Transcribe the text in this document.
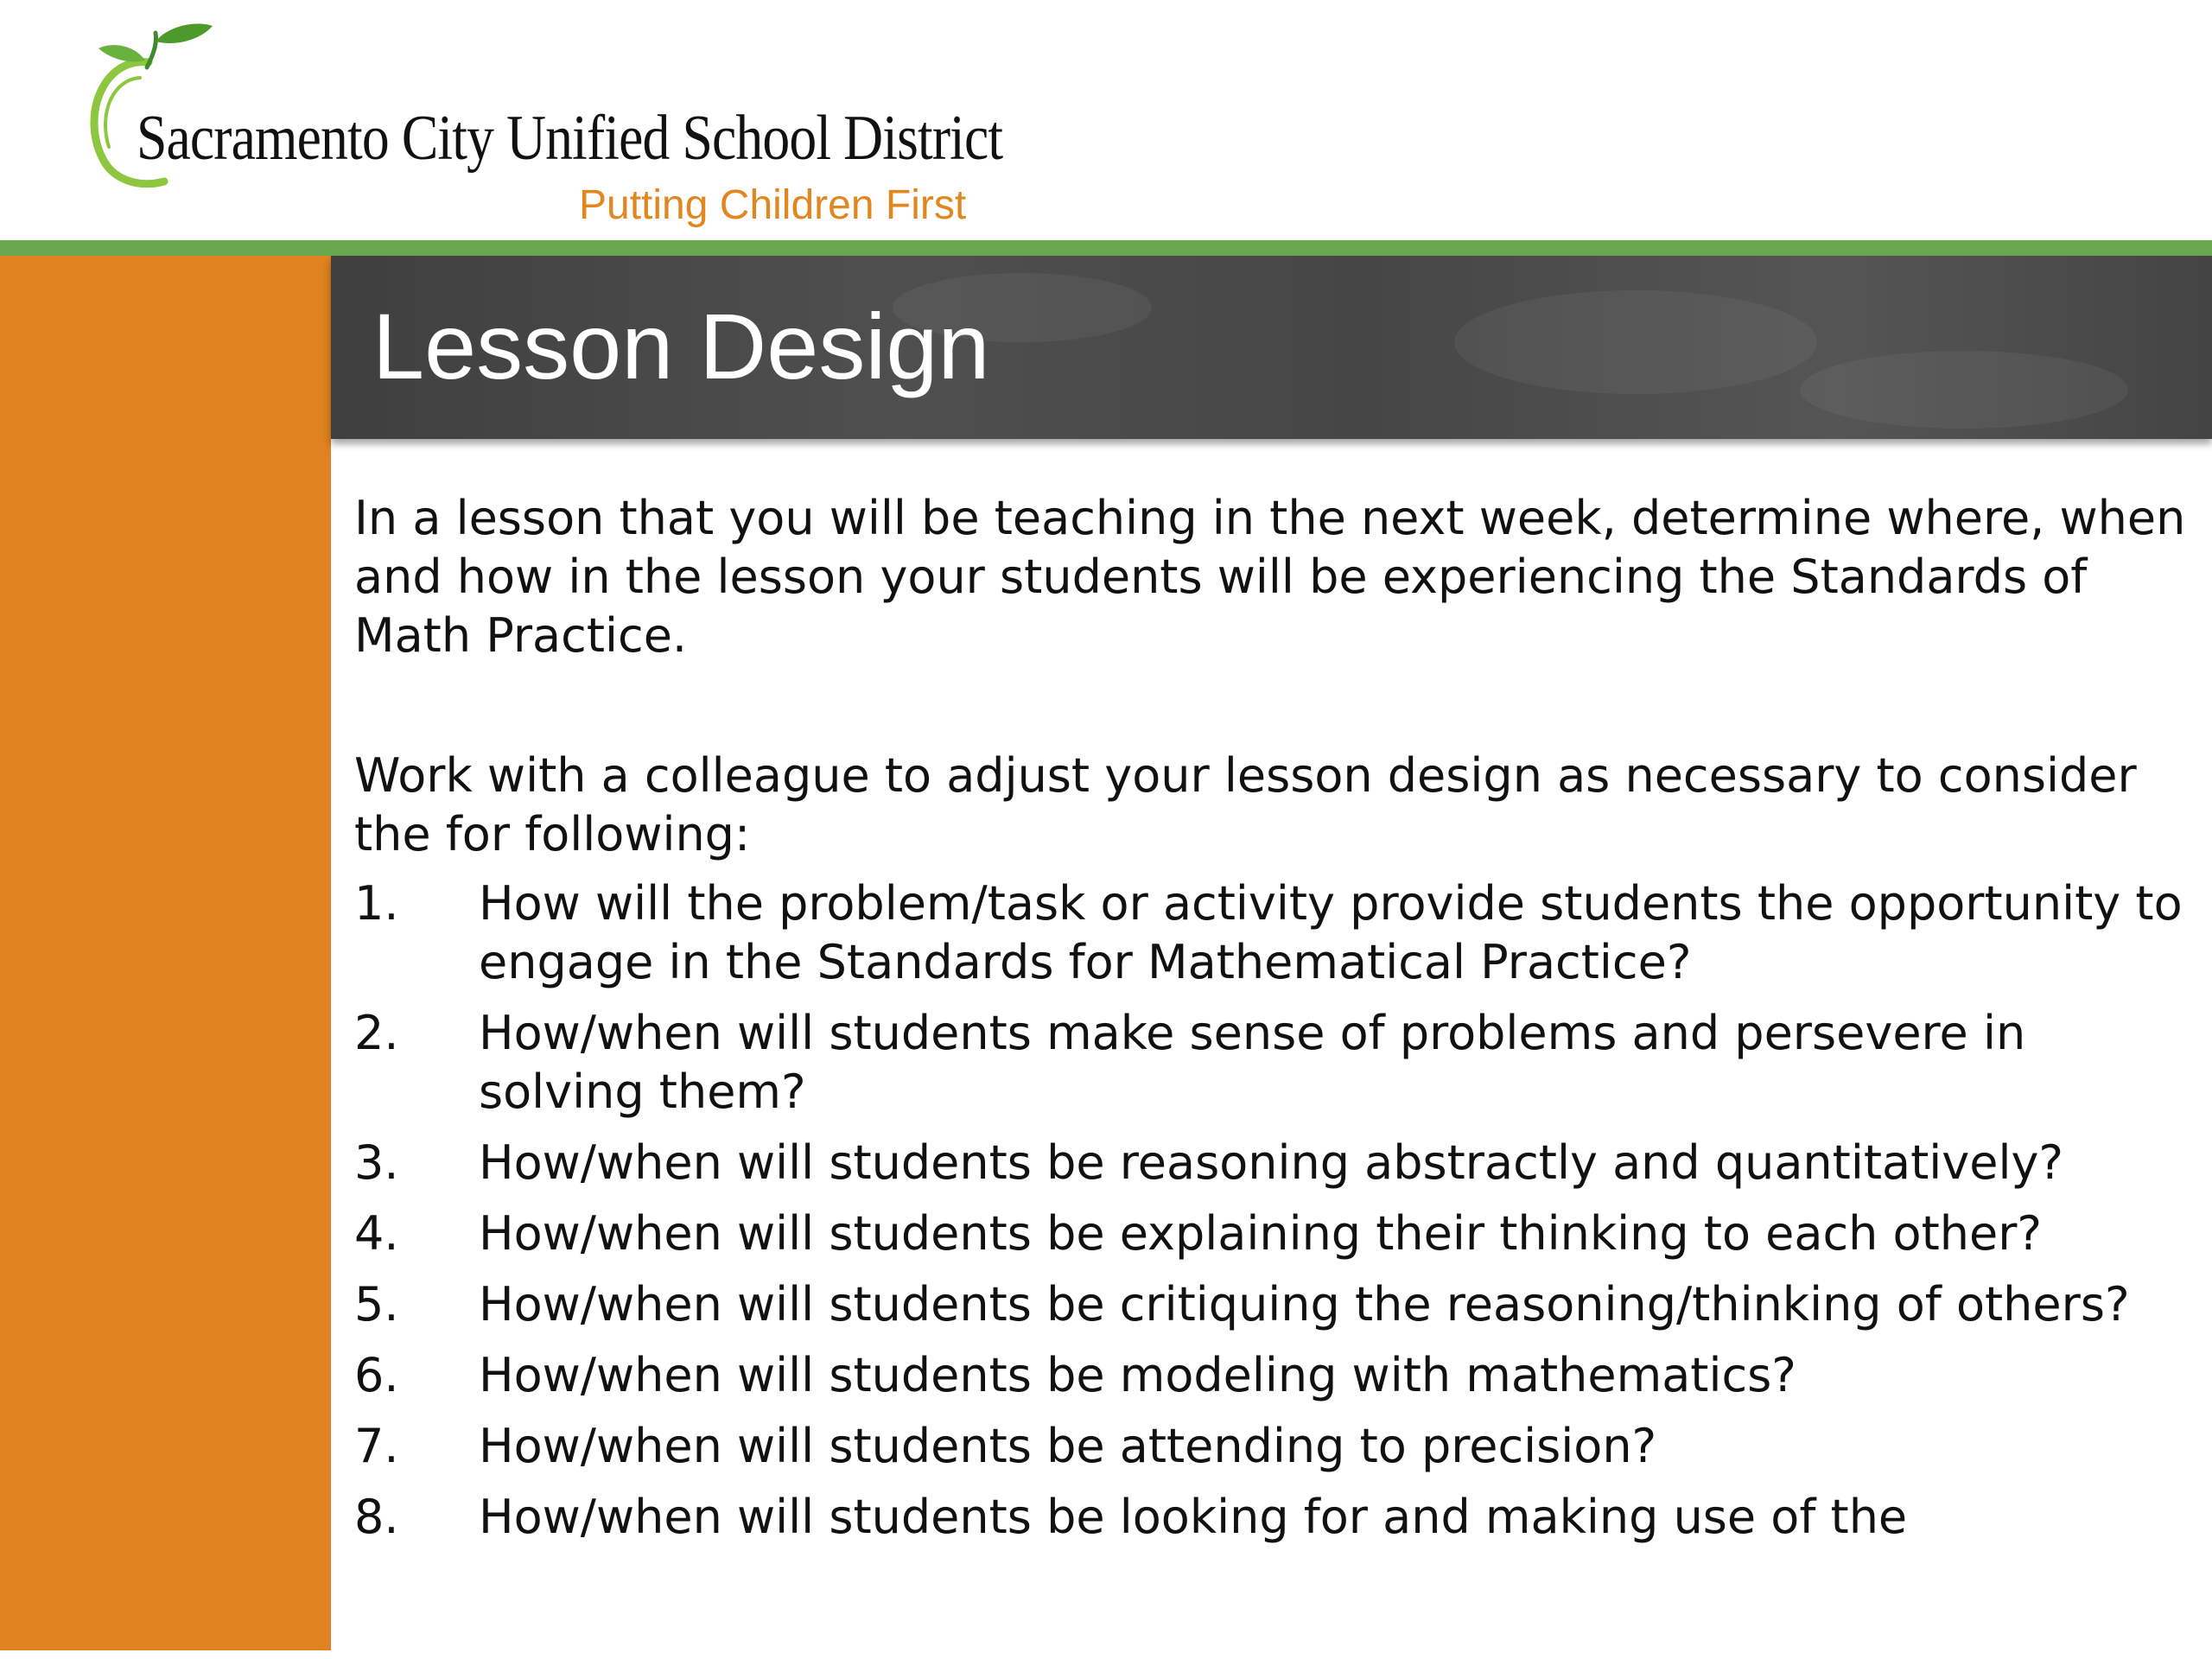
Sacramento City Unified School District
Putting Children First
Lesson Design

In a lesson that you will be teaching in the next week, determine where, when and how in the lesson your students will be experiencing the Standards of Math Practice.

Work with a colleague to adjust your lesson design as necessary to consider the for following:

1. How will the problem/task or activity provide students the opportunity to engage in the Standards for Mathematical Practice?
2. How/when will students make sense of problems and persevere in solving them?
3. How/when will students be reasoning abstractly and quantitatively?
4. How/when will students be explaining their thinking to each other?
5. How/when will students be critiquing the reasoning/thinking of others?
6. How/when will students be modeling with mathematics?
7. How/when will students be attending to precision?
8. How/when will students be looking for and making use of the
